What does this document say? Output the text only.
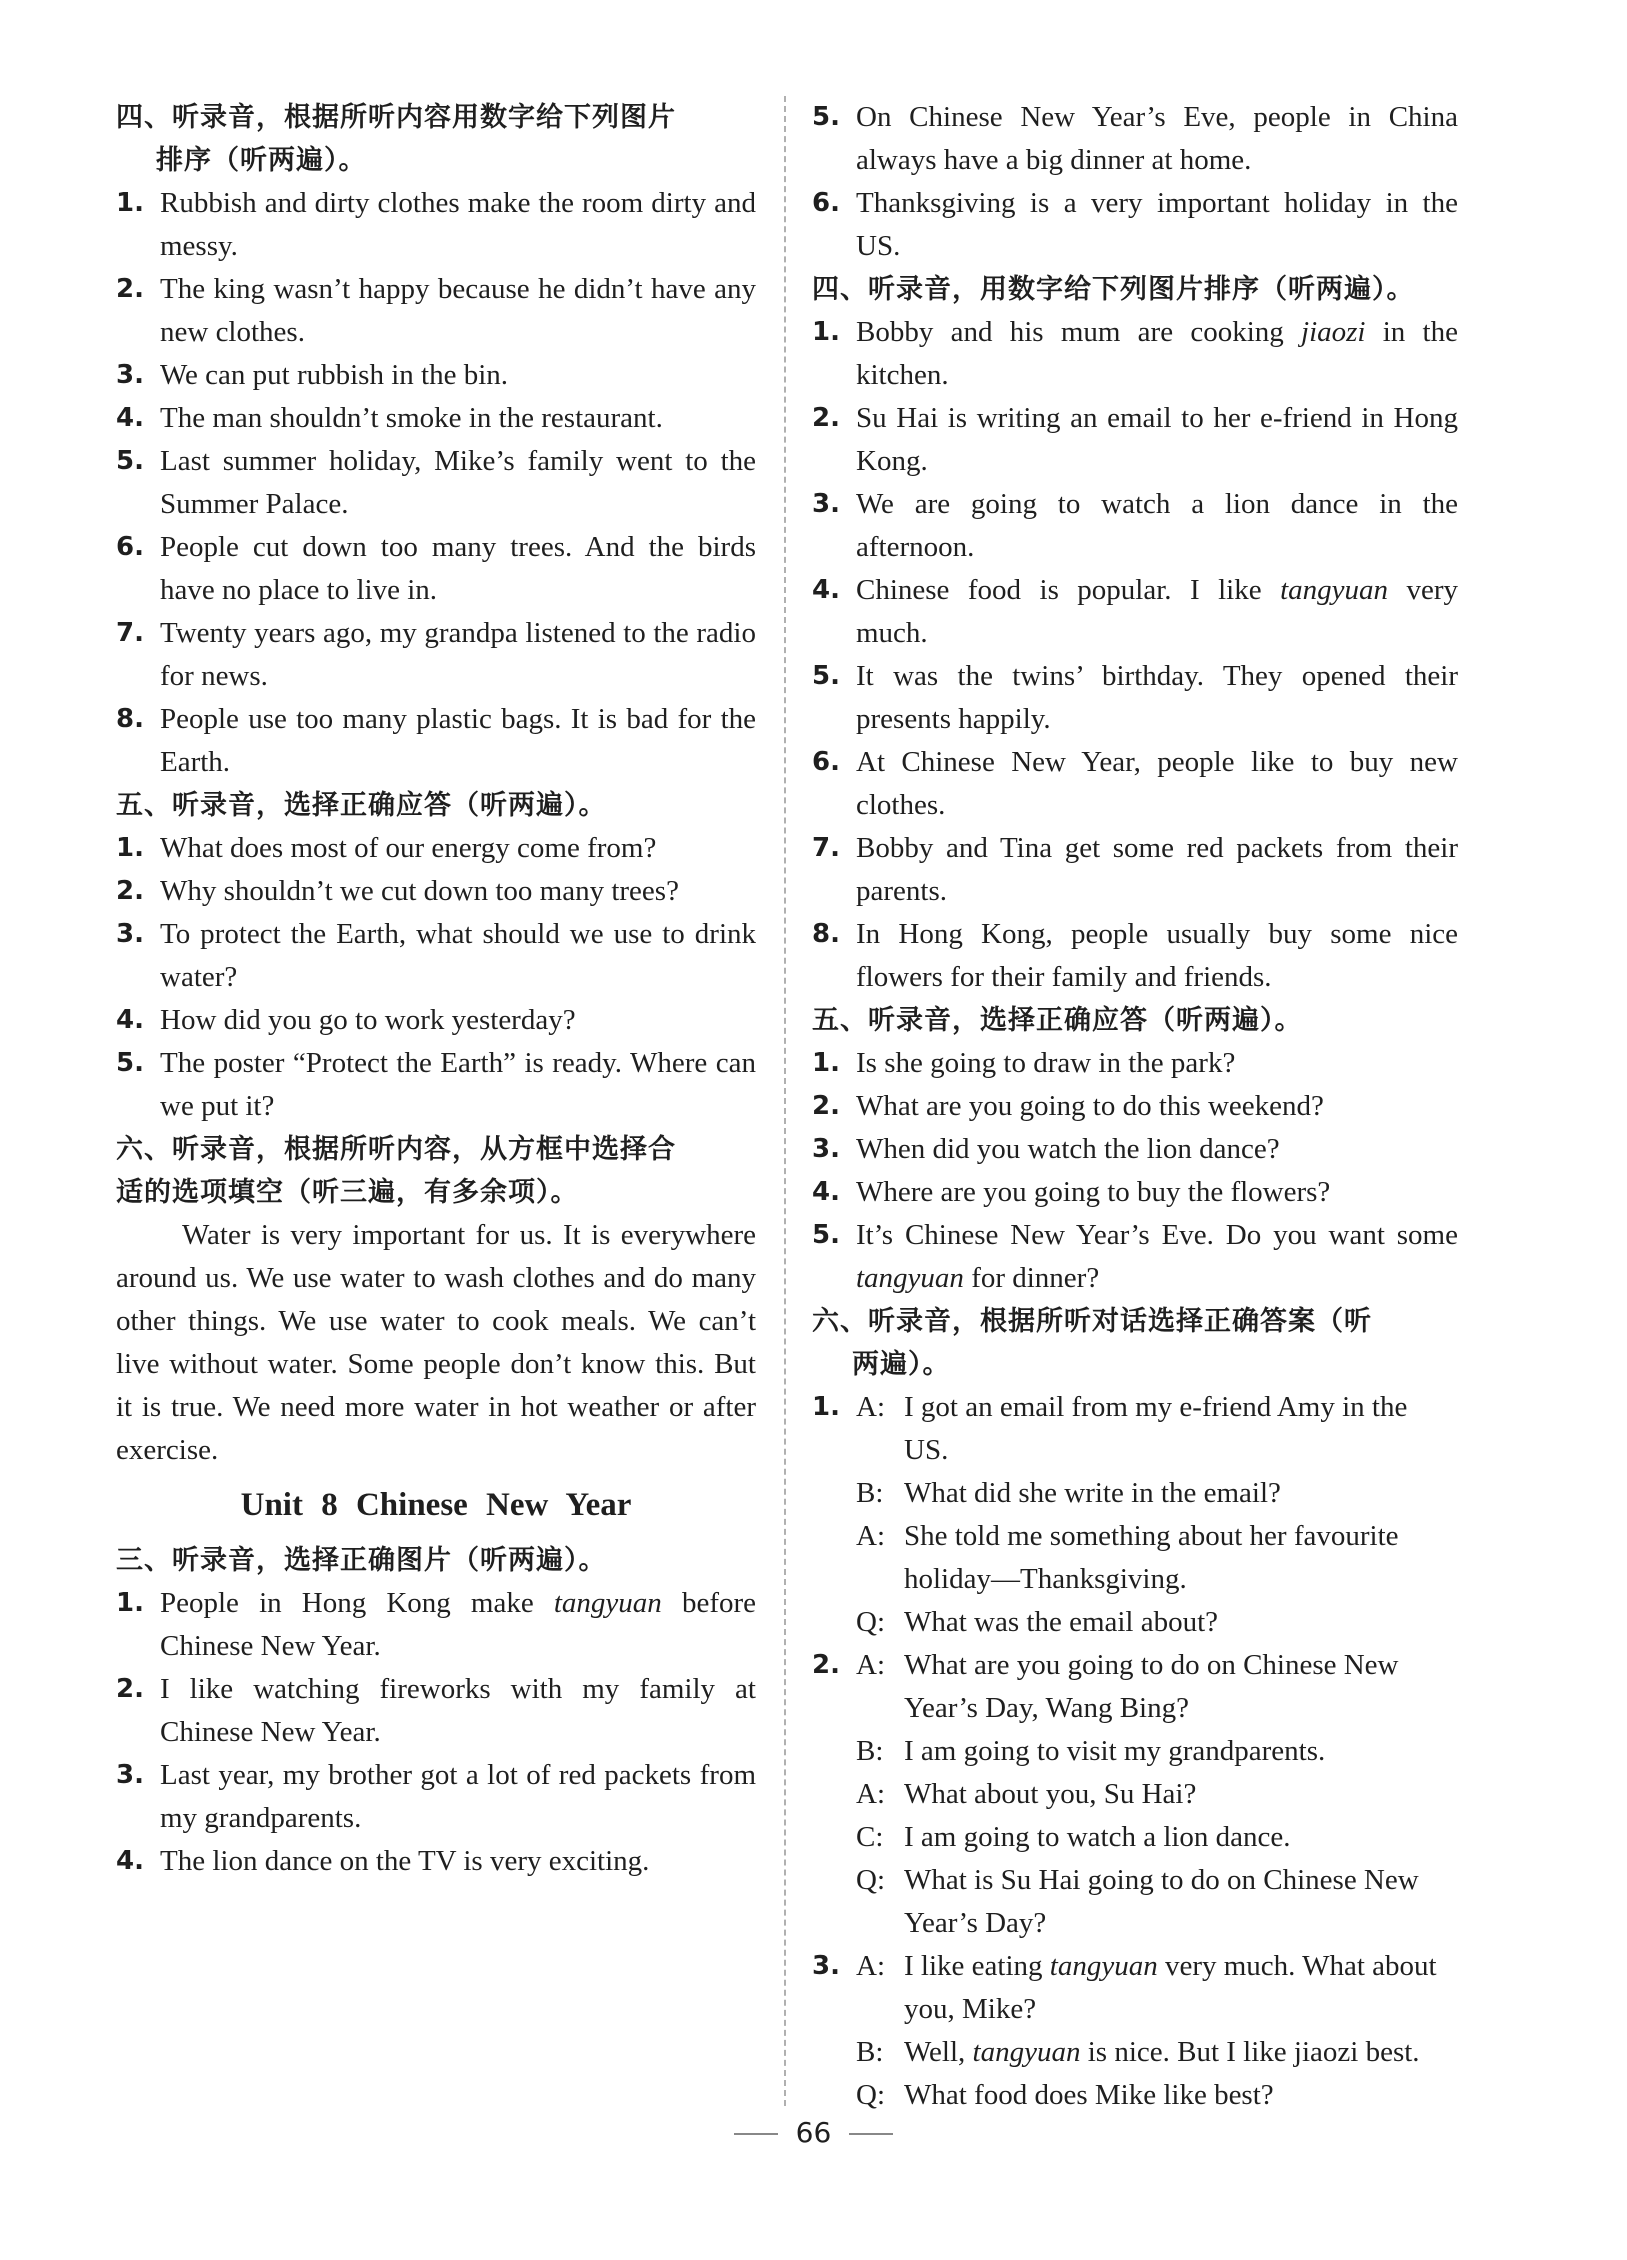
四、听录音，根据所听内容用数字给下列图片
排序（听两遍）。
1. Rubbish and dirty clothes make the room dirty and messy.
2. The king wasn’t happy because he didn’t have any new clothes.
3. We can put rubbish in the bin.
4. The man shouldn’t smoke in the restaurant.
5. Last summer holiday, Mike’s family went to the Summer Palace.
6. People cut down too many trees. And the birds have no place to live in.
7. Twenty years ago, my grandpa listened to the radio for news.
8. People use too many plastic bags. It is bad for the Earth.
五、听录音，选择正确应答（听两遍）。
1. What does most of our energy come from?
2. Why shouldn’t we cut down too many trees?
3. To protect the Earth, what should we use to drink water?
4. How did you go to work yesterday?
5. The poster “Protect the Earth” is ready. Where can we put it?
六、听录音，根据所听内容，从方框中选择合
适的选项填空（听三遍，有多余项）。
Water is very important for us. It is everywhere around us. We use water to wash clothes and do many other things. We use water to cook meals. We can’t live without water. Some people don’t know this. But it is true. We need more water in hot weather or after exercise.
Unit 8 Chinese New Year
三、听录音，选择正确图片（听两遍）。
1. People in Hong Kong make tangyuan before Chinese New Year.
2. I like watching fireworks with my family at Chinese New Year.
3. Last year, my brother got a lot of red packets from my grandparents.
4. The lion dance on the TV is very exciting.
5. On Chinese New Year’s Eve, people in China always have a big dinner at home.
6. Thanksgiving is a very important holiday in the US.
四、听录音，用数字给下列图片排序（听两遍）。
1. Bobby and his mum are cooking jiaozi in the kitchen.
2. Su Hai is writing an email to her e-friend in Hong Kong.
3. We are going to watch a lion dance in the afternoon.
4. Chinese food is popular. I like tangyuan very much.
5. It was the twins’ birthday. They opened their presents happily.
6. At Chinese New Year, people like to buy new clothes.
7. Bobby and Tina get some red packets from their parents.
8. In Hong Kong, people usually buy some nice flowers for their family and friends.
五、听录音，选择正确应答（听两遍）。
1. Is she going to draw in the park?
2. What are you going to do this weekend?
3. When did you watch the lion dance?
4. Where are you going to buy the flowers?
5. It’s Chinese New Year’s Eve. Do you want some tangyuan for dinner?
六、听录音，根据所听对话选择正确答案（听
两遍）。
1. A: I got an email from my e-friend Amy in the US.
B: What did she write in the email?
A: She told me something about her favourite holiday—Thanksgiving.
Q: What was the email about?
2. A: What are you going to do on Chinese New Year’s Day, Wang Bing?
B: I am going to visit my grandparents.
A: What about you, Su Hai?
C: I am going to watch a lion dance.
Q: What is Su Hai going to do on Chinese New Year’s Day?
3. A: I like eating tangyuan very much. What about you, Mike?
B: Well, tangyuan is nice. But I like jiaozi best.
Q: What food does Mike like best?
66
